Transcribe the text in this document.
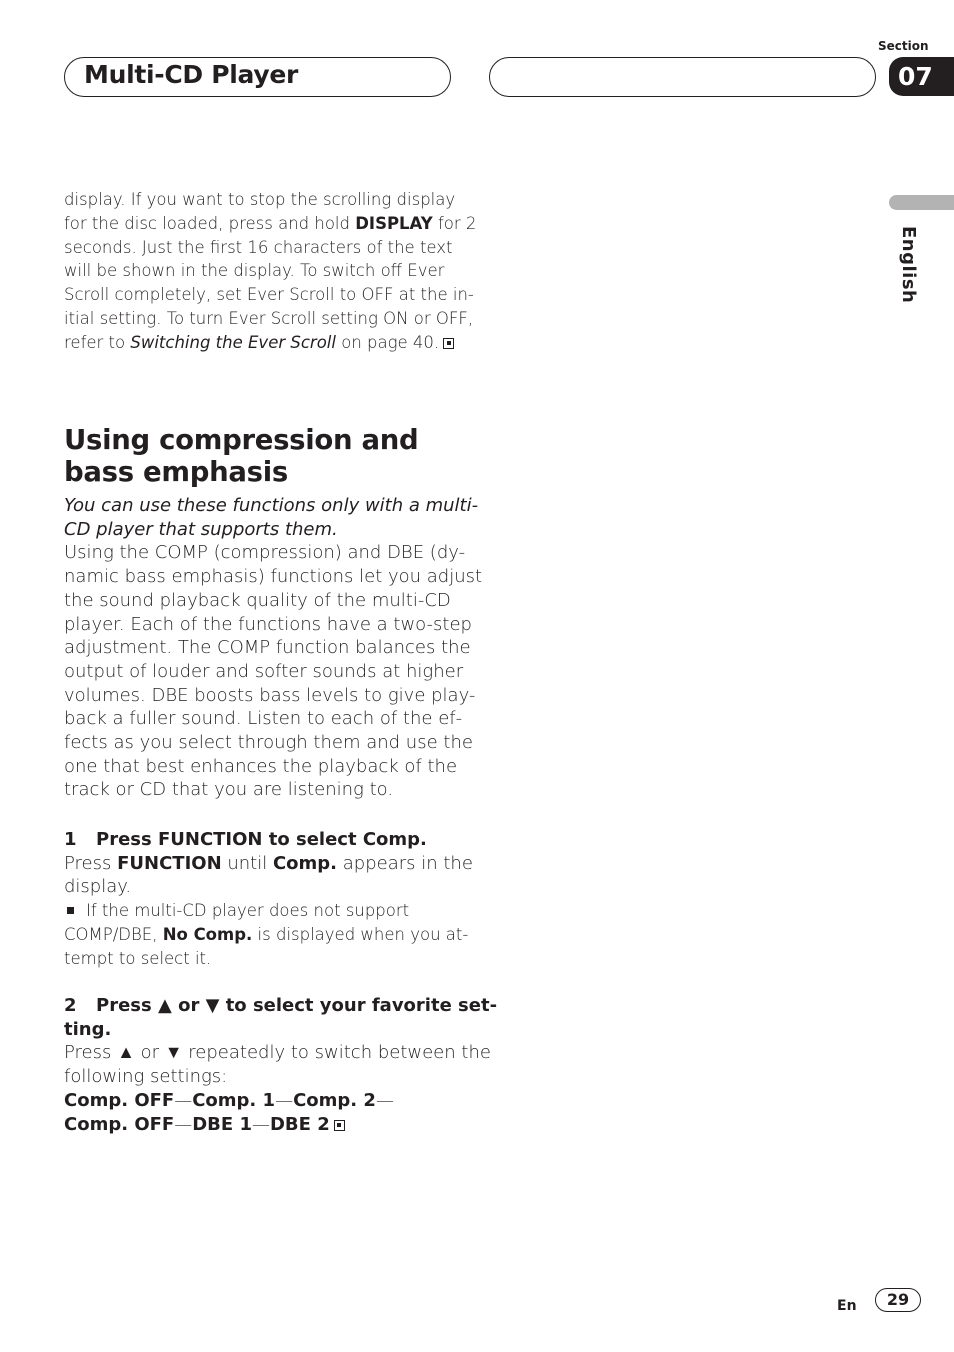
Multi-CD Player
Section
07
English
display. If you want to stop the scrolling display
for the disc loaded, press and hold DISPLAY for 2
seconds. Just the first 16 characters of the text
will be shown in the display. To switch off Ever
Scroll completely, set Ever Scroll to OFF at the in-
itial setting. To turn Ever Scroll setting ON or OFF,
refer to Switching the Ever Scroll on page 40.
Using compression and
bass emphasis
You can use these functions only with a multi-
CD player that supports them.
Using the COMP (compression) and DBE (dy-
namic bass emphasis) functions let you adjust
the sound playback quality of the multi-CD
player. Each of the functions have a two-step
adjustment. The COMP function balances the
output of louder and softer sounds at higher
volumes. DBE boosts bass levels to give play-
back a fuller sound. Listen to each of the ef-
fects as you select through them and use the
one that best enhances the playback of the
track or CD that you are listening to.
1 Press FUNCTION to select Comp.
Press FUNCTION until Comp. appears in the
display.
If the multi-CD player does not support
COMP/DBE, No Comp. is displayed when you at-
tempt to select it.
2 Press ▲ or ▼ to select your favorite set-
ting.
Press ▲ or ▼ repeatedly to switch between the
following settings:
Comp. OFF—Comp. 1—Comp. 2—
Comp. OFF—DBE 1—DBE 2
En	29
